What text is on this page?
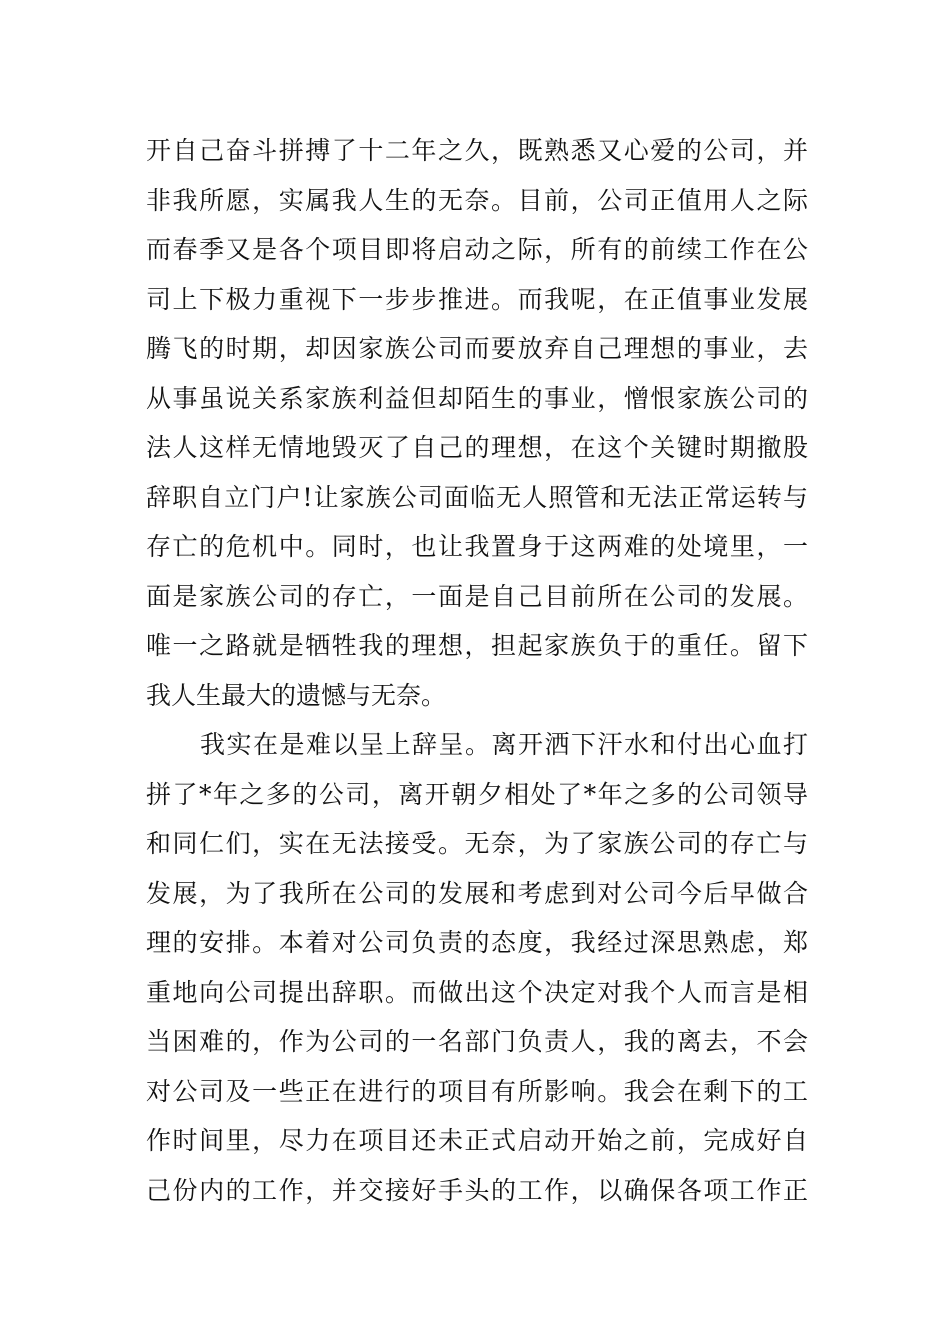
开自己奋斗拼搏了十二年之久，既熟悉又心爱的公司，并
非我所愿，实属我人生的无奈。目前，公司正值用人之际
而春季又是各个项目即将启动之际，所有的前续工作在公
司上下极力重视下一步步推进。而我呢，在正值事业发展
腾飞的时期，却因家族公司而要放弃自己理想的事业，去
从事虽说关系家族利益但却陌生的事业，憎恨家族公司的
法人这样无情地毁灭了自己的理想，在这个关键时期撤股
辞职自立门户!让家族公司面临无人照管和无法正常运转与
存亡的危机中。同时，也让我置身于这两难的处境里，一
面是家族公司的存亡，一面是自己目前所在公司的发展。
唯一之路就是牺牲我的理想，担起家族负于的重任。留下
我人生最大的遗憾与无奈。
我实在是难以呈上辞呈。离开洒下汗水和付出心血打
拼了*年之多的公司，离开朝夕相处了*年之多的公司领导
和同仁们，实在无法接受。无奈，为了家族公司的存亡与
发展，为了我所在公司的发展和考虑到对公司今后早做合
理的安排。本着对公司负责的态度，我经过深思熟虑，郑
重地向公司提出辞职。而做出这个决定对我个人而言是相
当困难的，作为公司的一名部门负责人，我的离去，不会
对公司及一些正在进行的项目有所影响。我会在剩下的工
作时间里，尽力在项目还未正式启动开始之前，完成好自
己份内的工作，并交接好手头的工作，以确保各项工作正
